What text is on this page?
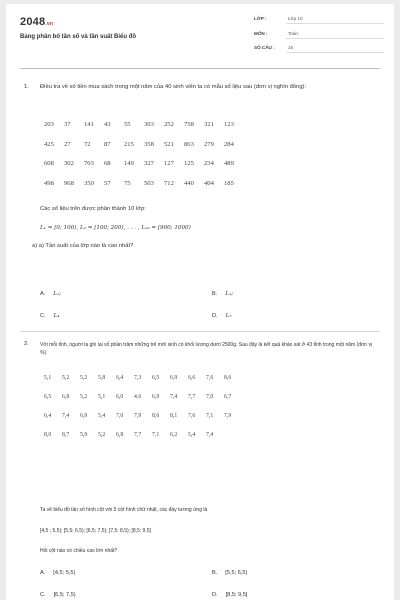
2048.vn
Bảng phân bố tần số và tần suất Biểu đồ
LỚP :	Lớp 10
MÔN :	Toán
SỐ CÂU :	16
1. Điều tra về số tiền mua sách trong một năm của 40 sinh viên ta có mẫu số liệu sau (đơn vị nghìn đồng):
203 37 141 43 55 303 252 758 321 123
425 27 72 87 215 358 521 863 279 284
608 302 703 68 149 327 127 125 234 489
498 968 350 57 75 503 712 440 404 185
Các số liệu trên được phân thành 10 lớp:
L₁ = [0; 100), L₂ = [100; 200), . . . , L₁₀ = [900; 1000)
a) a) Tần suất của lớp nào là cao nhất?
A. L₁;	B. L₃;
C. L₄	D. L₅
2. Với mỗi tỉnh, người ta ghi lại số phần trăm những trẻ mới sinh có khối lượng dưới 2500g. Sau đây là kết quả khảo sát ở 43 tỉnh trong một năm (đơn vị %)
5,1 5,2 5,2 5,8 6,4 7,3 6,5 6,9 6,6 7,6 8,6
6,5 6,8 5,2 5,1 6,0 4,6 6,9 7,4 7,7 7,0 6,7
6,4 7,4 6,9 5,4 7,0 7,9 8,6 8,1 7,6 7,1 7,9
8,0 8,7 5,9 5,2 6,8 7,7 7,1 6,2 5,4 7,4
Ta vẽ biểu đồ tần số hình cột với 5 cột hình chữ nhật, các đáy tương ứng là
[4,5 ; 5,5); [5,5; 6,5); [6,5; 7,5); [7,5; 8,5); [8,5; 9,5]
Hỏi cột nào có chiều cao lớn nhất?
A. [4,5; 5,5)	B. [5,5; 6,5)
C. [6,5; 7,5)	D. [8,5; 9,5]
